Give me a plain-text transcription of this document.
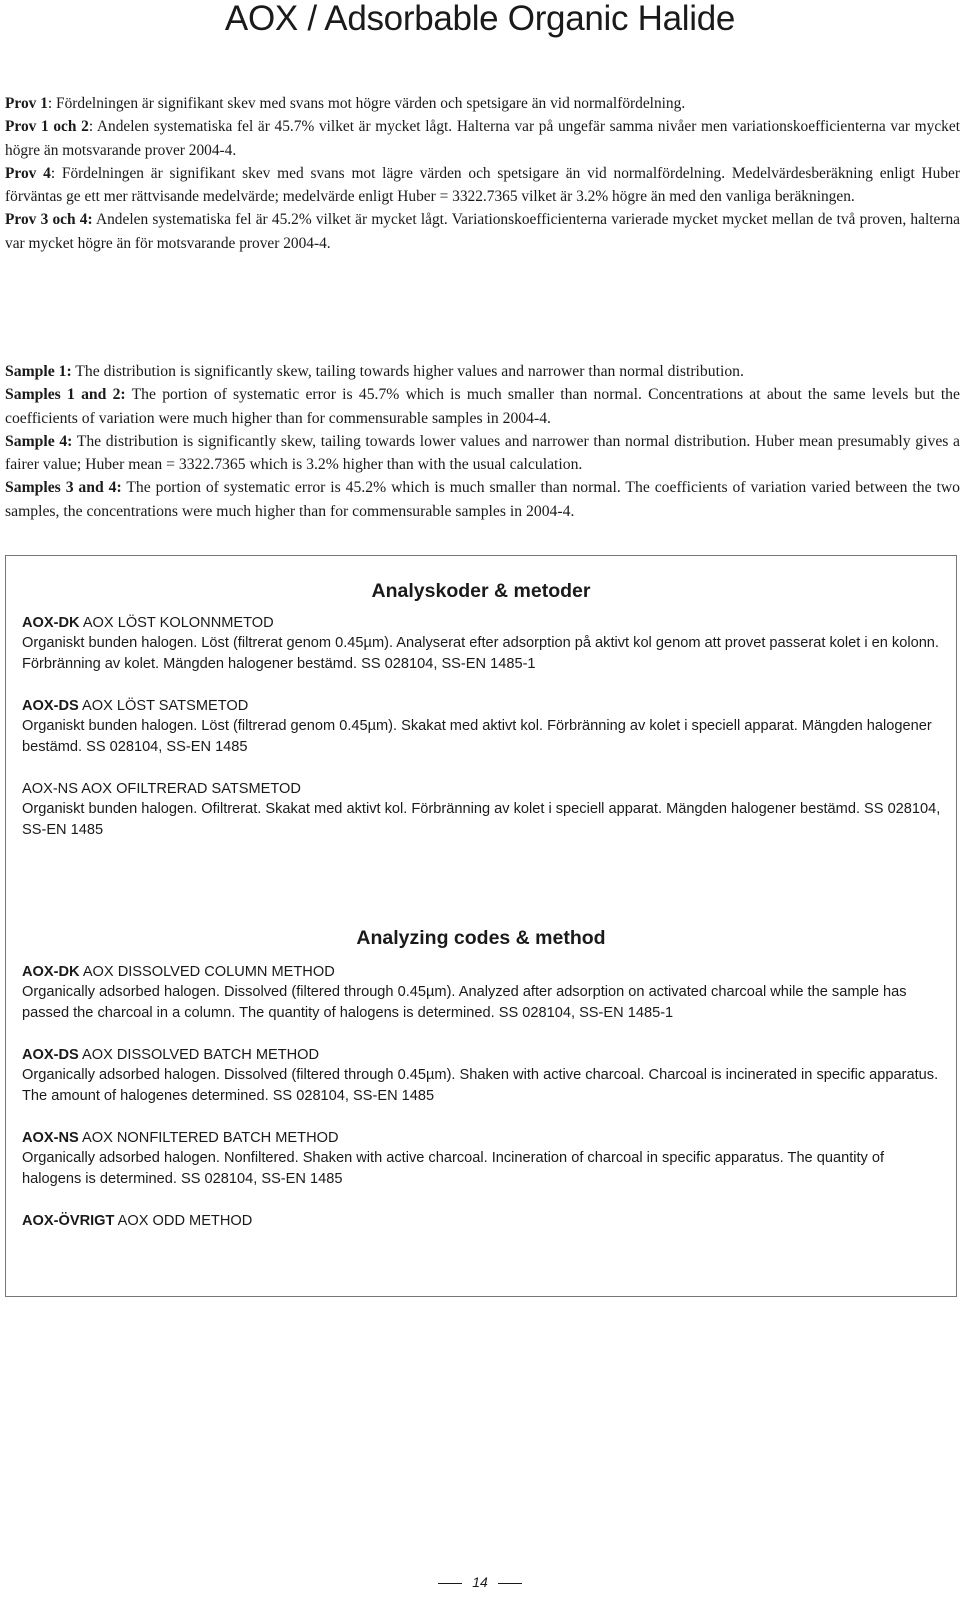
AOX / Adsorbable Organic Halide

Prov 1: Fördelningen är signifikant skev med svans mot högre värden och spetsigare än vid normalfördelning.

Prov 1 och 2: Andelen systematiska fel är 45.7% vilket är mycket lågt. Halterna var på ungefär samma nivåer men variationskoefficienterna var mycket högre än motsvarande prover 2004-4.

Prov 4: Fördelningen är signifikant skev med svans mot lägre värden och spetsigare än vid normalfördelning. Medelvärdesberäkning enligt Huber förväntas ge ett mer rättvisande medelvärde; medelvärde enligt Huber = 3322.7365 vilket är 3.2% högre än med den vanliga beräkningen.

Prov 3 och 4: Andelen systematiska fel är 45.2% vilket är mycket lågt. Variationskoefficienterna varierade mycket mycket mellan de två proven, halterna var mycket högre än för motsvarande prover 2004-4.

Sample 1: The distribution is significantly skew, tailing towards higher values and narrower than normal distribution.

Samples 1 and 2: The portion of systematic error is 45.7% which is much smaller than normal. Concentrations at about the same levels but the coefficients of variation were much higher than for commensurable samples in 2004-4.

Sample 4: The distribution is significantly skew, tailing towards lower values and narrower than normal distribution. Huber mean presumably gives a fairer value; Huber mean = 3322.7365 which is 3.2% higher than with the usual calculation.

Samples 3 and 4: The portion of systematic error is 45.2% which is much smaller than normal. The coefficients of variation varied between the two samples, the concentrations were much higher than for commensurable samples in 2004-4.

Analyskoder & metoder

AOX-DK AOX LÖST KOLONNMETOD

Organiskt bunden halogen. Löst (filtrerat genom 0.45µm). Analyserat efter adsorption på aktivt kol genom att provet passerat kolet i en kolonn. Förbränning av kolet. Mängden halogener bestämd. SS 028104, SS-EN 1485-1

AOX-DS AOX LÖST SATSMETOD

Organiskt bunden halogen. Löst (filtrerad genom 0.45µm). Skakat med aktivt kol. Förbränning av kolet i speciell apparat. Mängden halogener bestämd. SS 028104, SS-EN 1485

AOX-NS AOX OFILTRERAD SATSMETOD

Organiskt bunden halogen. Ofiltrerat. Skakat med aktivt kol. Förbränning av kolet i speciell apparat. Mängden halogener bestämd. SS 028104, SS-EN 1485

Analyzing codes & method

AOX-DK AOX DISSOLVED COLUMN METHOD

Organically adsorbed halogen. Dissolved (filtered through 0.45µm). Analyzed after adsorption on activated charcoal while the sample has passed the charcoal in a column. The quantity of halogens is determined. SS 028104, SS-EN 1485-1

AOX-DS AOX DISSOLVED BATCH METHOD

Organically adsorbed halogen. Dissolved (filtered through 0.45µm). Shaken with active charcoal. Charcoal is incinerated in specific apparatus. The amount of halogenes determined. SS 028104, SS-EN 1485

AOX-NS AOX NONFILTERED BATCH METHOD

Organically adsorbed halogen. Nonfiltered. Shaken with active charcoal. Incineration of charcoal in specific apparatus. The quantity of halogens is determined. SS 028104, SS-EN 1485

AOX-ÖVRIGT AOX ODD METHOD

14
